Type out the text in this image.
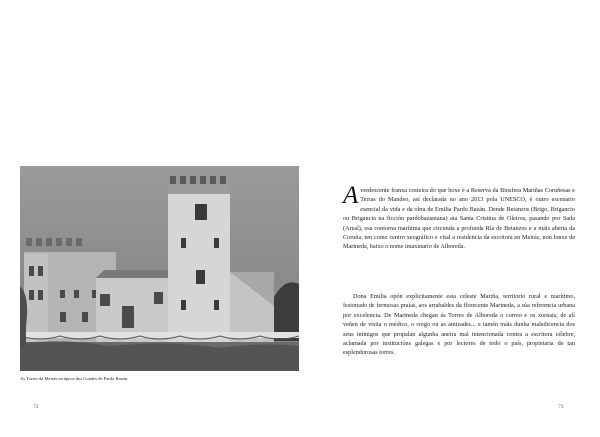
As Torres de Meirás na época dos Condes de Pardo Bazán.
72

A verdescente franxa costeira do que hoxe é a Reserva da Biosfera Mariñas Coruñesas e Terras do Mandeo, así declarada no ano 2013 pola UNESCO, é outro escenario esencial da vida e da obra de Emilia Pardo Bazán. Dende Betanzos (Brigo, Brigancio ou Brigancia na ficción pardobazaniana) ata Santa Cristina de Oleiros, pasando por Sada (Areal), esa contorna marítima que circunda a profunda Ría de Betanzos e a máis aberta da Coruña, ten como centro xeográfico e vital a residencia da escritora en Meirás, non lonxe de Marineda, baixo o nome imaxinario de Alboreda.

Dona Emilia opón explicitamente esta celeste Mariña, territorio rural e marítimo, festonado de fermosas praias, aos arrabaldes da florecente Marineda, a súa referencia urbana por excelencia. De Marineda chegan ás Torres de Alboreda o correo e os xornais, de alí veñen de visita o médico, o crego ou as amizades... e tamén máis dunha maledicencia dos seus inimigos que propalan algunha aneira mal intencionada contra a escritora célebre, aclamada por institucións galegas e por lectores de todo o país, propietaria de tan esplendorosas torres.

73
